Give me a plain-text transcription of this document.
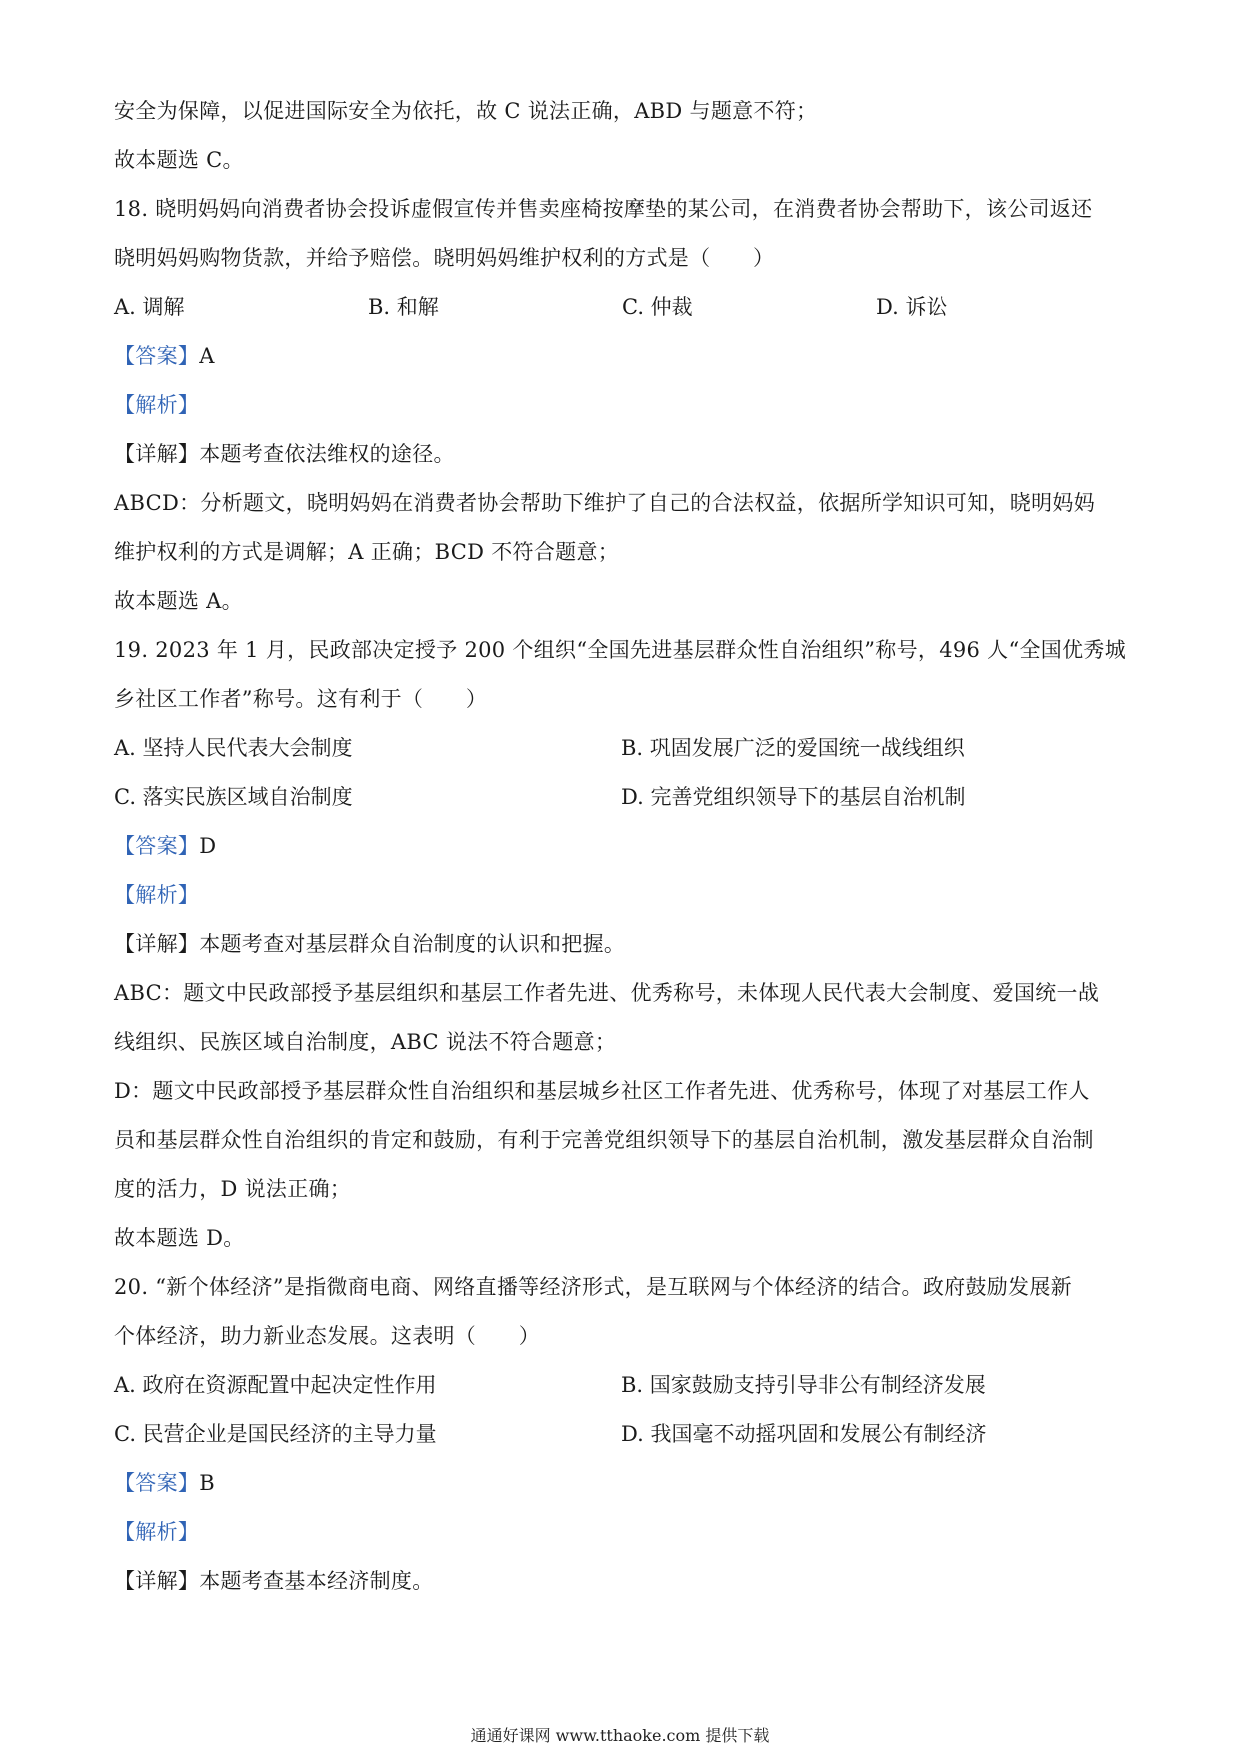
安全为保障，以促进国际安全为依托，故 C 说法正确，ABD 与题意不符；
故本题选 C。
18. 晓明妈妈向消费者协会投诉虚假宣传并售卖座椅按摩垫的某公司，在消费者协会帮助下，该公司返还
晓明妈妈购物货款，并给予赔偿。晓明妈妈维护权利的方式是（　　）
A. 调解	B. 和解	C. 仲裁	D. 诉讼
【答案】A
【解析】
【详解】本题考查依法维权的途径。
ABCD：分析题文，晓明妈妈在消费者协会帮助下维护了自己的合法权益，依据所学知识可知，晓明妈妈
维护权利的方式是调解；A 正确；BCD 不符合题意；
故本题选 A。
19. 2023 年 1 月，民政部决定授予 200 个组织“全国先进基层群众性自治组织”称号，496 人“全国优秀城
乡社区工作者”称号。这有利于（　　）
A. 坚持人民代表大会制度	B. 巩固发展广泛的爱国统一战线组织
C. 落实民族区域自治制度	D. 完善党组织领导下的基层自治机制
【答案】D
【解析】
【详解】本题考查对基层群众自治制度的认识和把握。
ABC：题文中民政部授予基层组织和基层工作者先进、优秀称号，未体现人民代表大会制度、爱国统一战
线组织、民族区域自治制度，ABC 说法不符合题意；
D：题文中民政部授予基层群众性自治组织和基层城乡社区工作者先进、优秀称号，体现了对基层工作人
员和基层群众性自治组织的肯定和鼓励，有利于完善党组织领导下的基层自治机制，激发基层群众自治制
度的活力，D 说法正确；
故本题选 D。
20. “新个体经济”是指微商电商、网络直播等经济形式，是互联网与个体经济的结合。政府鼓励发展新
个体经济，助力新业态发展。这表明（　　）
A. 政府在资源配置中起决定性作用	B. 国家鼓励支持引导非公有制经济发展
C. 民营企业是国民经济的主导力量	D. 我国毫不动摇巩固和发展公有制经济
【答案】B
【解析】
【详解】本题考查基本经济制度。
通通好课网 www.tthaoke.com 提供下载
